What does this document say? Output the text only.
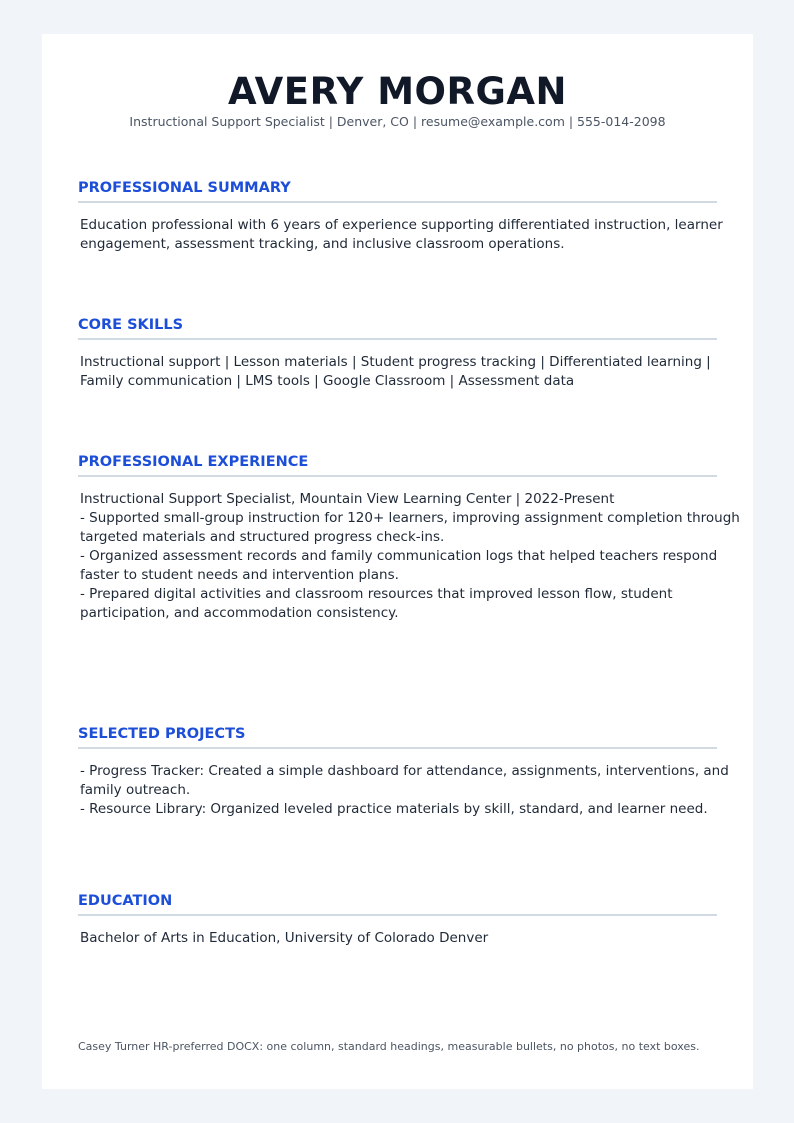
AVERY MORGAN
Instructional Support Specialist | Denver, CO | resume@example.com | 555-014-2098
PROFESSIONAL SUMMARY
Education professional with 6 years of experience supporting differentiated instruction, learner
engagement, assessment tracking, and inclusive classroom operations.
CORE SKILLS
Instructional support | Lesson materials | Student progress tracking | Differentiated learning |
Family communication | LMS tools | Google Classroom | Assessment data
PROFESSIONAL EXPERIENCE
Instructional Support Specialist, Mountain View Learning Center | 2022-Present
- Supported small-group instruction for 120+ learners, improving assignment completion through
targeted materials and structured progress check-ins.
- Organized assessment records and family communication logs that helped teachers respond
faster to student needs and intervention plans.
- Prepared digital activities and classroom resources that improved lesson flow, student
participation, and accommodation consistency.
SELECTED PROJECTS
- Progress Tracker: Created a simple dashboard for attendance, assignments, interventions, and
family outreach.
- Resource Library: Organized leveled practice materials by skill, standard, and learner need.
EDUCATION
Bachelor of Arts in Education, University of Colorado Denver
Casey Turner HR-preferred DOCX: one column, standard headings, measurable bullets, no photos, no text boxes.
